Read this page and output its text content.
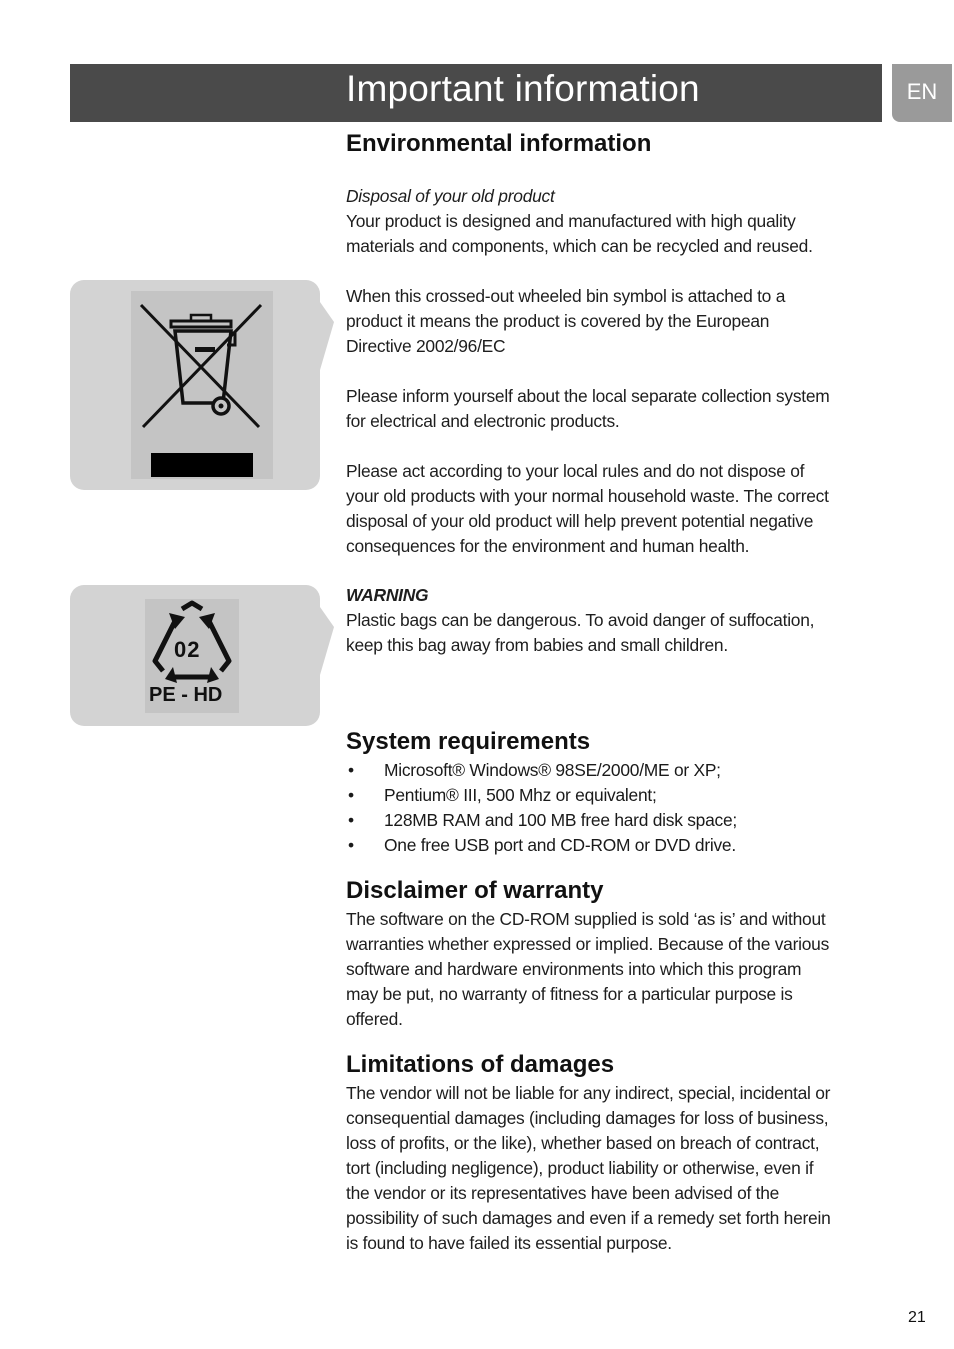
Important information	EN
02
PE - HD
Environmental information
Disposal of your old product
Your product is designed and manufactured with high quality
materials and components, which can be recycled and reused.
When this crossed-out wheeled bin symbol is attached to a
product it means the product is covered by the European
Directive 2002/96/EC
Please inform yourself about the local separate collection system
for electrical and electronic products.
Please act according to your local rules and do not dispose of
your old products with your normal household waste. The correct
disposal of your old product will help prevent potential negative
consequences for the environment and human health.
WARNING
Plastic bags can be dangerous. To avoid danger of suffocation,
keep this bag away from babies and small children.
System requirements
• Microsoft® Windows® 98SE/2000/ME or XP;
• Pentium® III, 500 Mhz or equivalent;
• 128MB RAM and 100 MB free hard disk space;
• One free USB port and CD-ROM or DVD drive.
Disclaimer of warranty
The software on the CD-ROM supplied is sold ‘as is’ and without
warranties whether expressed or implied. Because of the various
software and hardware environments into which this program
may be put, no warranty of fitness for a particular purpose is
offered.
Limitations of damages
The vendor will not be liable for any indirect, special, incidental or
consequential damages (including damages for loss of business,
loss of profits, or the like), whether based on breach of contract,
tort (including negligence), product liability or otherwise, even if
the vendor or its representatives have been advised of the
possibility of such damages and even if a remedy set forth herein
is found to have failed its essential purpose.
21
